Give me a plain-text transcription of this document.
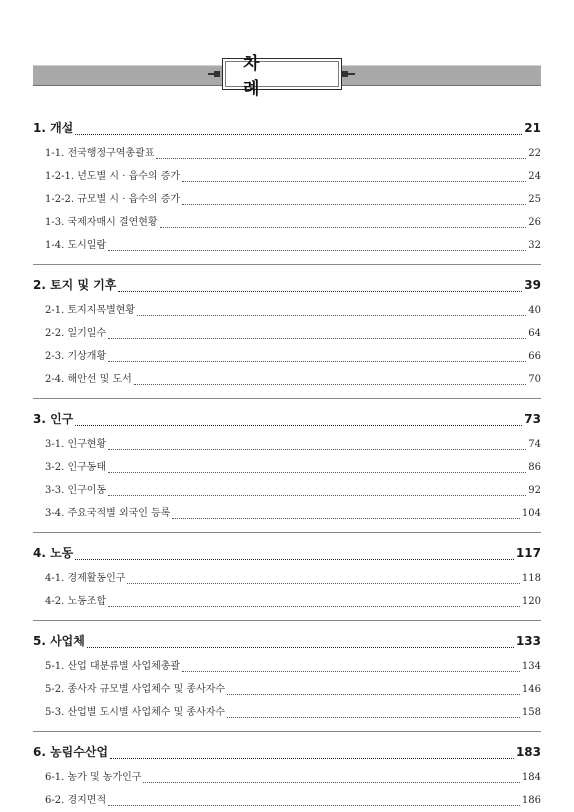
차 례
1. 개설	21
1-1. 전국행정구역총괄표	22
1-2-1. 년도별 시 · 읍수의 증가	24
1-2-2. 규모별 시 · 읍수의 증가	25
1-3. 국제자매시 결연현황	26
1-4. 도시일람	32
2. 토지 및 기후	39
2-1. 토지지목별현황	40
2-2. 일기일수	64
2-3. 기상개황	66
2-4. 해안선 및 도서	70
3. 인구	73
3-1. 인구현황	74
3-2. 인구동태	86
3-3. 인구이동	92
3-4. 주요국적별 외국인 등록	104
4. 노동	117
4-1. 경제활동인구	118
4-2. 노동조합	120
5. 사업체	133
5-1. 산업 대분류별 사업체총괄	134
5-2. 종사자 규모별 사업체수 및 종사자수	146
5-3. 산업별 도시별 사업체수 및 종사자수	158
6. 농림수산업	183
6-1. 농가 및 농가인구	184
6-2. 경지면적	186
